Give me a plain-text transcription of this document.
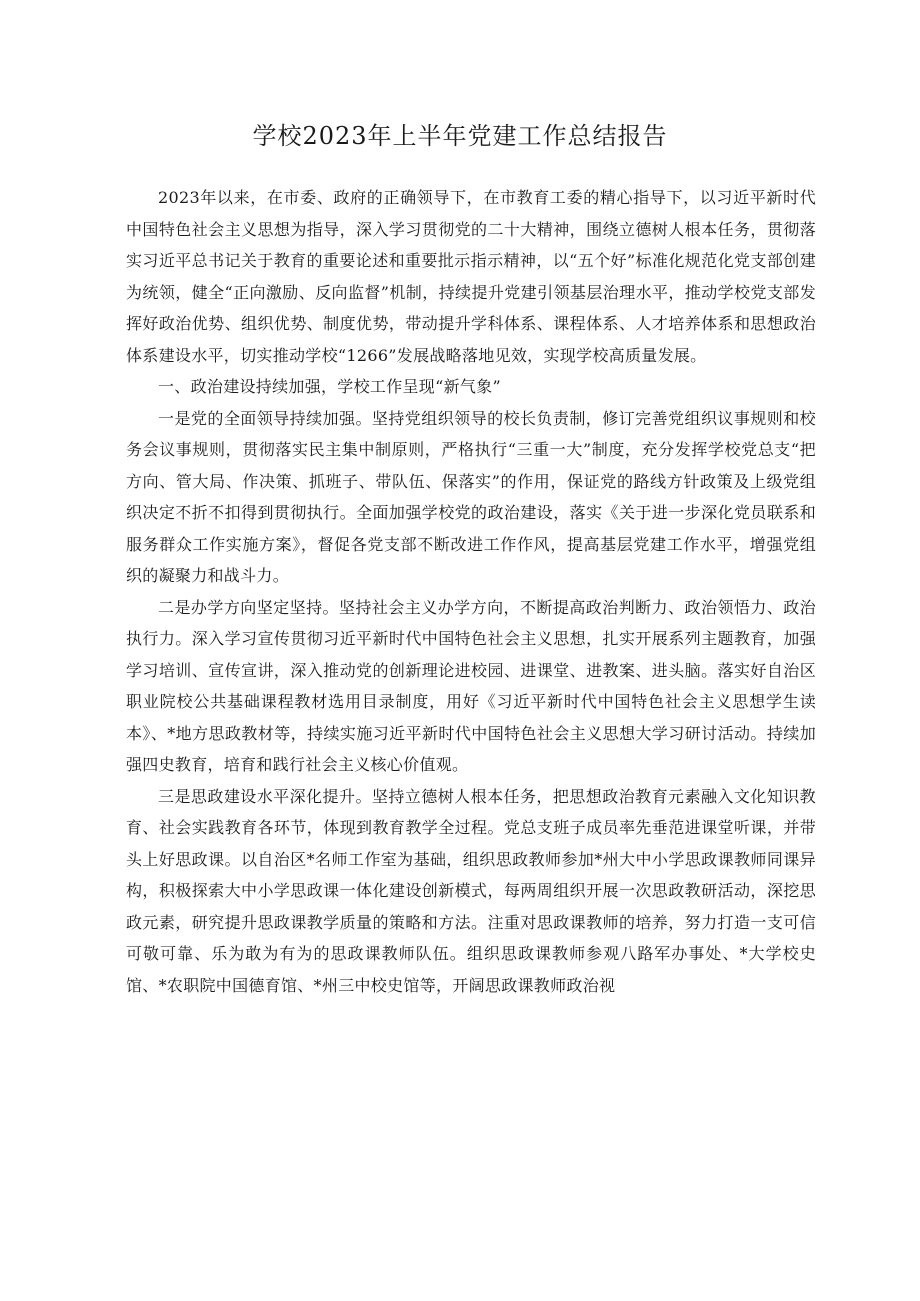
学校2023年上半年党建工作总结报告

2023年以来，在市委、政府的正确领导下，在市教育工委的精心指导下，以习近平新时代中国特色社会主义思想为指导，深入学习贯彻党的二十大精神，围绕立德树人根本任务，贯彻落实习近平总书记关于教育的重要论述和重要批示指示精神，以“五个好”标准化规范化党支部创建为统领，健全“正向激励、反向监督”机制，持续提升党建引领基层治理水平，推动学校党支部发挥好政治优势、组织优势、制度优势，带动提升学科体系、课程体系、人才培养体系和思想政治体系建设水平，切实推动学校“1266”发展战略落地见效，实现学校高质量发展。

一、政治建设持续加强，学校工作呈现“新气象”

一是党的全面领导持续加强。坚持党组织领导的校长负责制，修订完善党组织议事规则和校务会议事规则，贯彻落实民主集中制原则，严格执行“三重一大”制度，充分发挥学校党总支“把方向、管大局、作决策、抓班子、带队伍、保落实”的作用，保证党的路线方针政策及上级党组织决定不折不扣得到贯彻执行。全面加强学校党的政治建设，落实《关于进一步深化党员联系和服务群众工作实施方案》，督促各党支部不断改进工作作风，提高基层党建工作水平，增强党组织的凝聚力和战斗力。

二是办学方向坚定坚持。坚持社会主义办学方向，不断提高政治判断力、政治领悟力、政治执行力。深入学习宣传贯彻习近平新时代中国特色社会主义思想，扎实开展系列主题教育，加强学习培训、宣传宣讲，深入推动党的创新理论进校园、进课堂、进教案、进头脑。落实好自治区职业院校公共基础课程教材选用目录制度，用好《习近平新时代中国特色社会主义思想学生读本》、*地方思政教材等，持续实施习近平新时代中国特色社会主义思想大学习研讨活动。持续加强四史教育，培育和践行社会主义核心价值观。

三是思政建设水平深化提升。坚持立德树人根本任务，把思想政治教育元素融入文化知识教育、社会实践教育各环节，体现到教育教学全过程。党总支班子成员率先垂范进课堂听课，并带头上好思政课。以自治区*名师工作室为基础，组织思政教师参加*州大中小学思政课教师同课异构，积极探索大中小学思政课一体化建设创新模式，每两周组织开展一次思政教研活动，深挖思政元素，研究提升思政课教学质量的策略和方法。注重对思政课教师的培养，努力打造一支可信可敬可靠、乐为敢为有为的思政课教师队伍。组织思政课教师参观八路军办事处、*大学校史馆、*农职院中国德育馆、*州三中校史馆等，开阔思政课教师政治视
